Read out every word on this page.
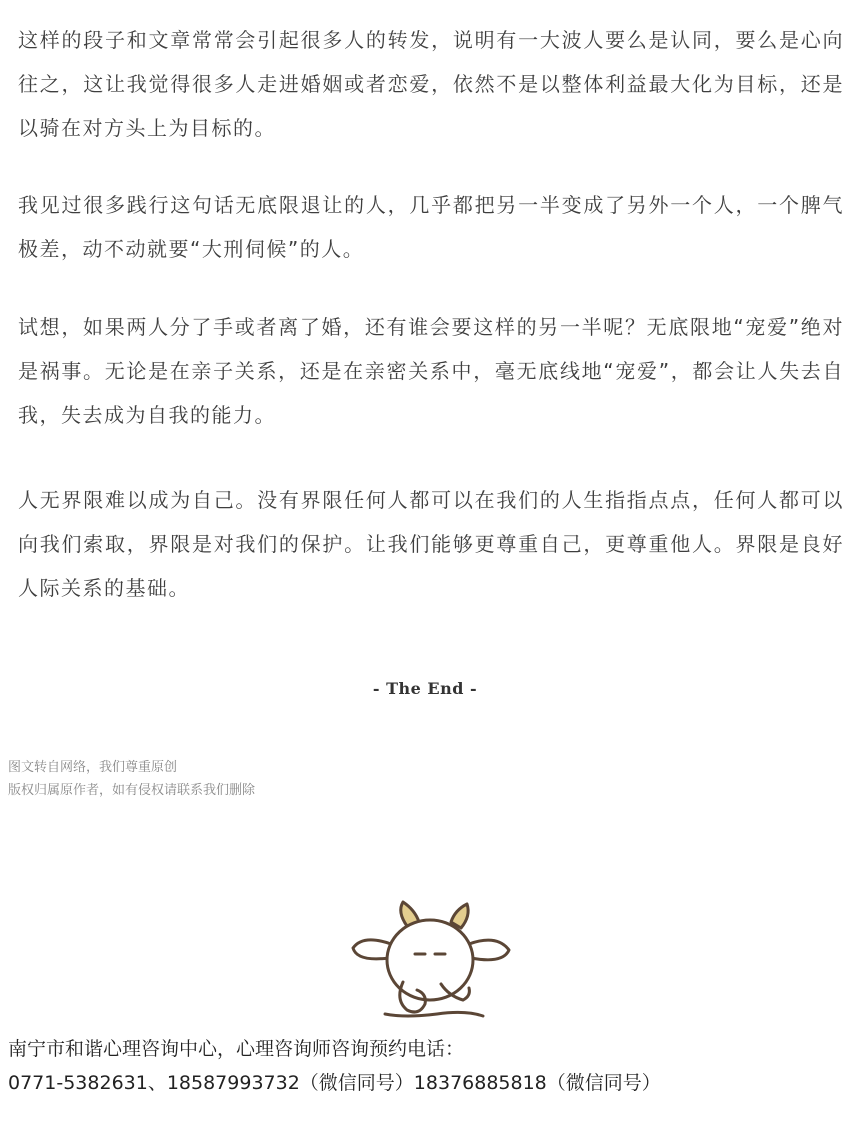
这样的段子和文章常常会引起很多人的转发，说明有一大波人要么是认同，要么是心向往之，这让我觉得很多人走进婚姻或者恋爱，依然不是以整体利益最大化为目标，还是以骑在对方头上为目标的。

我见过很多践行这句话无底限退让的人，几乎都把另一半变成了另外一个人，一个脾气极差，动不动就要“大刑伺候”的人。

试想，如果两人分了手或者离了婚，还有谁会要这样的另一半呢？无底限地“宠爱”绝对是祸事。无论是在亲子关系，还是在亲密关系中，毫无底线地“宠爱”，都会让人失去自我，失去成为自我的能力。

人无界限难以成为自己。没有界限任何人都可以在我们的人生指指点点，任何人都可以向我们索取，界限是对我们的保护。让我们能够更尊重自己，更尊重他人。界限是良好人际关系的基础。

- The End -
图文转自网络，我们尊重原创
版权归属原作者，如有侵权请联系我们删除
南宁市和谐心理咨询中心，心理咨询师咨询预约电话：
0771-5382631、18587993732（微信同号）18376885818（微信同号）
